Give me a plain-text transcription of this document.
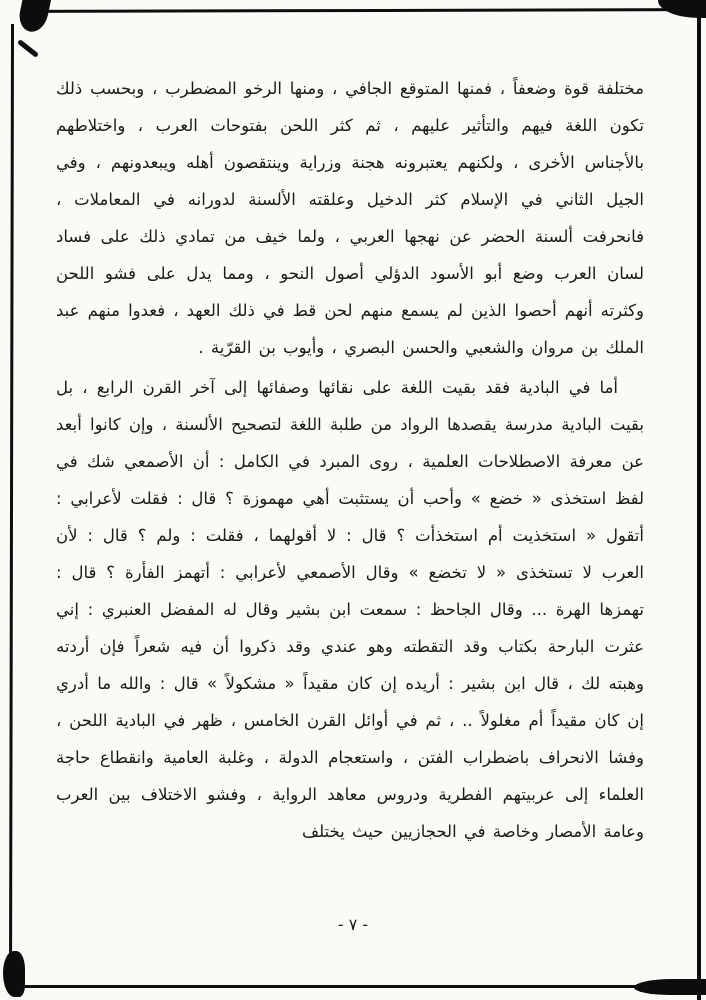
مختلفة قوة وضعفاً ، فمنها المتوقع الجافي ، ومنها الرخو المضطرب ، وبحسب ذلك تكون اللغة فيهم والتأثير عليهم ، ثم كثر اللحن بفتوحات العرب ، واختلاطهم بالأجناس الأخرى ، ولكنهم يعتبرونه هجنة وزراية وينتقصون أهله ويبعدونهم ، وفي الجيل الثاني في الإسلام كثر الدخيل وعلقته الألسنة لدورانه في المعاملات ، فانحرفت ألسنة الحضر عن نهجها العربي ، ولما خيف من تمادي ذلك على فساد لسان العرب وضع أبو الأسود الدؤلي أصول النحو ، ومما يدل على فشو اللحن وكثرته أنهم أحصوا الذين لم يسمع منهم لحن قط في ذلك العهد ، فعدوا منهم عبد الملك بن مروان والشعبي والحسن البصري ، وأيوب بن القرّية .

أما في البادية فقد بقيت اللغة على نقائها وصفائها إلى آخر القرن الرابع ، بل بقيت البادية مدرسة يقصدها الرواد من طلبة اللغة لتصحيح الألسنة ، وإن كانوا أبعد عن معرفة الاصطلاحات العلمية ، روى المبرد في الكامل : أن الأصمعي شك في لفظ استخذى « خضع » وأحب أن يستثبت أهي مهموزة ؟ قال : فقلت لأعرابي : أتقول « استخذيت أم استخذأت ؟ قال : لا أقولهما ، فقلت : ولم ؟ قال : لأن العرب لا تستخذى « لا تخضع » وقال الأصمعي لأعرابي : أتهمز الفأرة ؟ قال : تهمزها الهرة ... وقال الجاحظ : سمعت ابن بشير وقال له المفضل العنبري : إني عثرت البارحة بكتاب وقد التقطته وهو عندي وقد ذكروا أن فيه شعراً فإن أردته وهبته لك ، قال ابن بشير : أريده إن كان مقيداً « مشكولاً » قال : والله ما أدري إن كان مقيداً أم مغلولاً .. ، ثم في أوائل القرن الخامس ، ظهر في البادية اللحن ، وفشا الانحراف باضطراب الفتن ، واستعجام الدولة ، وغلبة العامية وانقطاع حاجة العلماء إلى عربيتهم الفطرية ودروس معاهد الرواية ، وفشو الاختلاف بين العرب وعامة الأمصار وخاصة في الحجازيين حيث يختلف

- ٧ -
